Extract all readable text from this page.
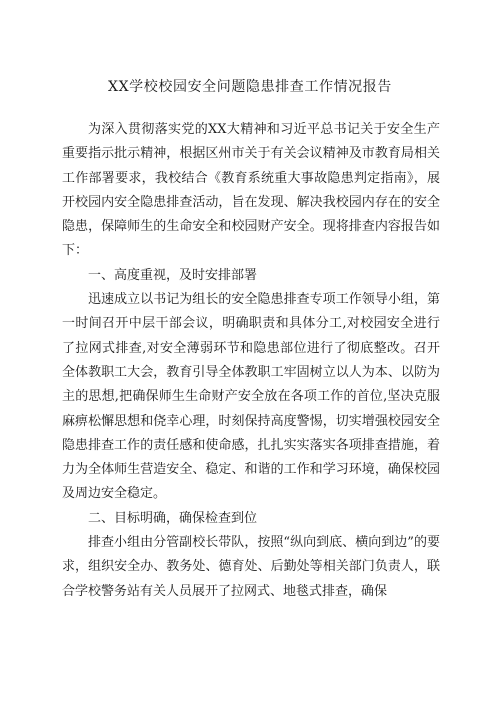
XX学校校园安全问题隐患排查工作情况报告

为深入贯彻落实党的XX大精神和习近平总书记关于安全生产重要指示批示精神，根据区州市关于有关会议精神及市教育局相关工作部署要求，我校结合《教育系统重大事故隐患判定指南》，展开校园内安全隐患排查活动，旨在发现、解决我校园内存在的安全隐患，保障师生的生命安全和校园财产安全。现将排查内容报告如下：

一、高度重视，及时安排部署

迅速成立以书记为组长的安全隐患排查专项工作领导小组，第一时间召开中层干部会议，明确职责和具体分工,对校园安全进行了拉网式排查,对安全薄弱环节和隐患部位进行了彻底整改。召开全体教职工大会，教育引导全体教职工牢固树立以人为本、以防为主的思想,把确保师生生命财产安全放在各项工作的首位,坚决克服麻痹松懈思想和侥幸心理，时刻保持高度警惕，切实增强校园安全隐患排查工作的责任感和使命感，扎扎实实落实各项排查措施，着力为全体师生营造安全、稳定、和谐的工作和学习环境，确保校园及周边安全稳定。

二、目标明确，确保检查到位

排查小组由分管副校长带队，按照“纵向到底、横向到边”的要求，组织安全办、教务处、德育处、后勤处等相关部门负责人，联合学校警务站有关人员展开了拉网式、地毯式排查，确保
